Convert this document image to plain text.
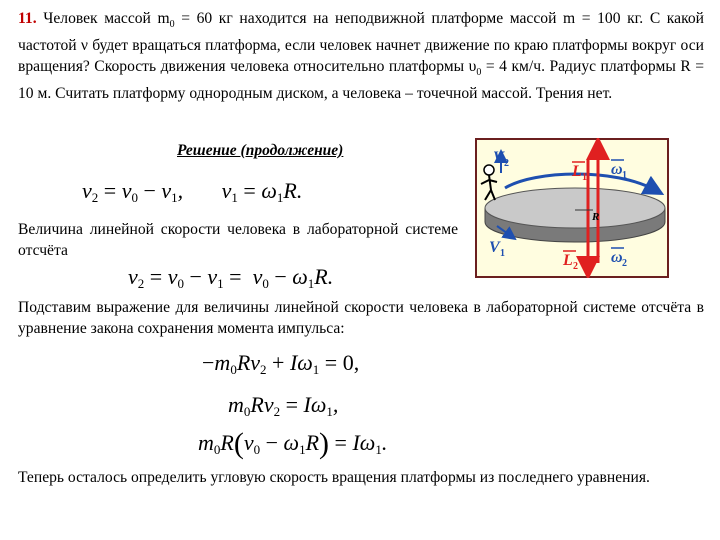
11. Человек массой $m_0 = 60$ кг находится на неподвижной платформе массой m = 100 кг. С какой частотой ν будет вращаться платформа, если человек начнет движение по краю платформы вокруг оси вращения? Скорость движения человека относительно платформы $\upsilon_0 = 4$ км/ч. Радиус платформы R = 10 м. Считать платформу однородным диском, а человека – точечной массой. Трения нет.
Решение (продолжение)
$v_2 = v_0 - v_1$,       $v_1 = \omega_1R$.
Величина линейной скорости человека в лабораторной системе отсчёта
$v_2 = v_0 - v_1 = v_0 - \omega_1R$.
Подставим выражение для величины линейной скорости человека в лабораторной системе отсчёта в уравнение закона сохранения момента импульса:
$-m_0Rv_2 + I\omega_1 = 0$,
$m_0Rv_2 = I\omega_1$,
$m_0R(v_0 - \omega_1R) = I\omega_1$.
Теперь осталось определить угловую скорость вращения платформы из последнего уравнения.
V 2
V 1
L 1
L 2
ω 1
ω 2
R
